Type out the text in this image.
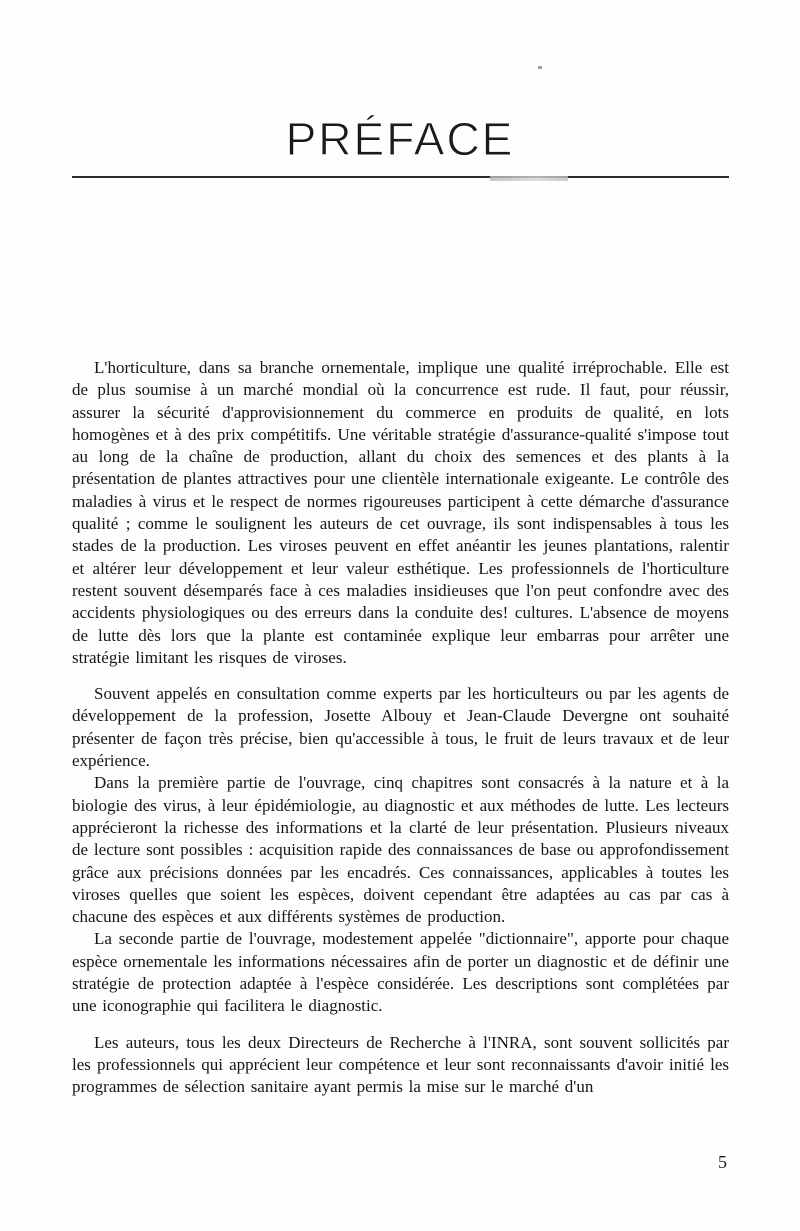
PRÉFACE

L'horticulture, dans sa branche ornementale, implique une qualité irréprochable. Elle est de plus soumise à un marché mondial où la concurrence est rude. Il faut, pour réussir, assurer la sécurité d'approvisionnement du commerce en produits de qualité, en lots homogènes et à des prix compétitifs. Une véritable stratégie d'assurance-qualité s'impose tout au long de la chaîne de production, allant du choix des semences et des plants à la présentation de plantes attractives pour une clientèle internationale exigeante. Le contrôle des maladies à virus et le respect de normes rigoureuses participent à cette démarche d'assurance qualité ; comme le soulignent les auteurs de cet ouvrage, ils sont indispensables à tous les stades de la production. Les viroses peuvent en effet anéantir les jeunes plantations, ralentir et altérer leur développement et leur valeur esthétique. Les professionnels de l'horticulture restent souvent désemparés face à ces maladies insidieuses que l'on peut confondre avec des accidents physiologiques ou des erreurs dans la conduite des! cultures. L'absence de moyens de lutte dès lors que la plante est contaminée explique leur embarras pour arrêter une stratégie limitant les risques de viroses.

Souvent appelés en consultation comme experts par les horticulteurs ou par les agents de développement de la profession, Josette Albouy et Jean-Claude Devergne ont souhaité présenter de façon très précise, bien qu'accessible à tous, le fruit de leurs travaux et de leur expérience.

Dans la première partie de l'ouvrage, cinq chapitres sont consacrés à la nature et à la biologie des virus, à leur épidémiologie, au diagnostic et aux méthodes de lutte. Les lecteurs apprécieront la richesse des informations et la clarté de leur présentation. Plusieurs niveaux de lecture sont possibles : acquisition rapide des connaissances de base ou approfondissement grâce aux précisions données par les encadrés. Ces connaissances, applicables à toutes les viroses quelles que soient les espèces, doivent cependant être adaptées au cas par cas à chacune des espèces et aux différents systèmes de production.

La seconde partie de l'ouvrage, modestement appelée "dictionnaire", apporte pour chaque espèce ornementale les informations nécessaires afin de porter un diagnostic et de définir une stratégie de protection adaptée à l'espèce considérée. Les descriptions sont complétées par une iconographie qui facilitera le diagnostic.

Les auteurs, tous les deux Directeurs de Recherche à l'INRA, sont souvent sollicités par les professionnels qui apprécient leur compétence et leur sont reconnaissants d'avoir initié les programmes de sélection sanitaire ayant permis la mise sur le marché d'un

5
